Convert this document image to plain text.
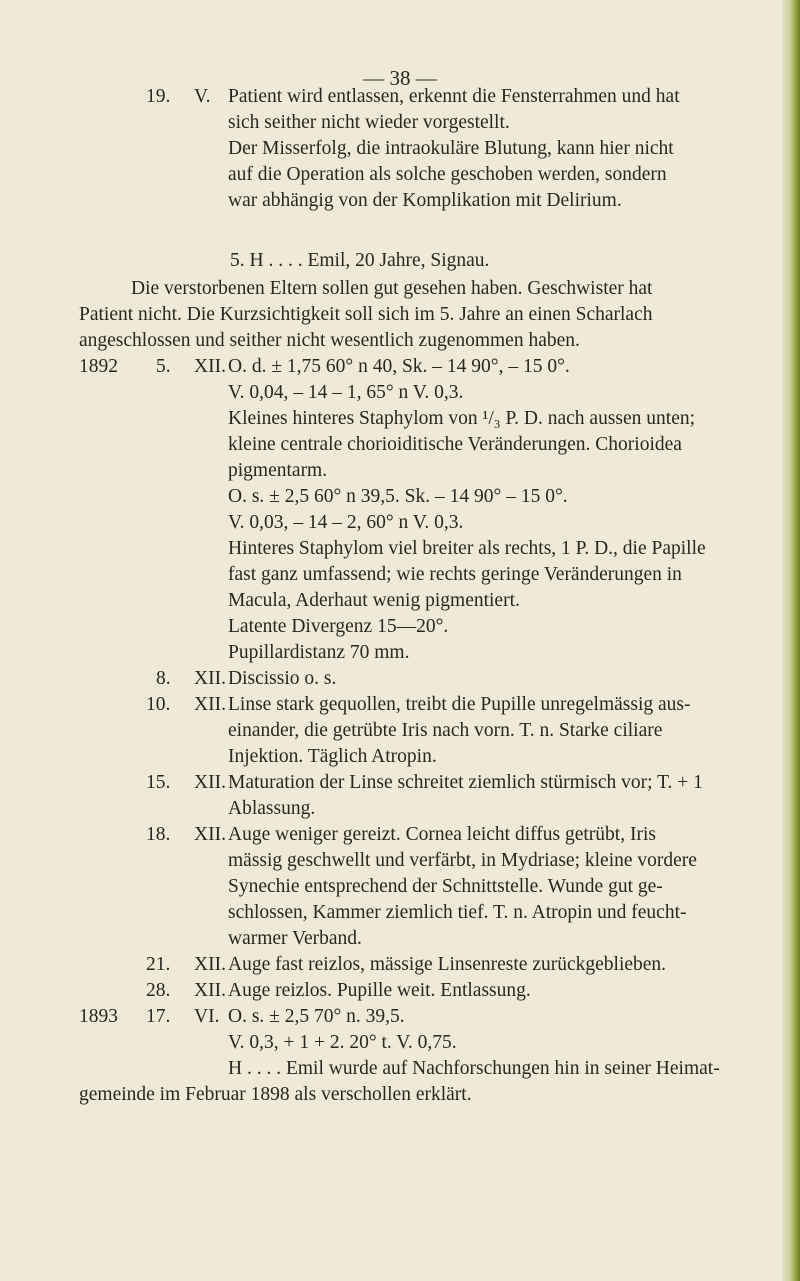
— 38 —
19. V. Patient wird entlassen, erkennt die Fensterrahmen und hat
sich seither nicht wieder vorgestellt.
Der Misserfolg, die intraokuläre Blutung, kann hier nicht
auf die Operation als solche geschoben werden, sondern
war abhängig von der Komplikation mit Delirium.
5. H . . . . Emil, 20 Jahre, Signau.
Die verstorbenen Eltern sollen gut gesehen haben. Geschwister hat
Patient nicht. Die Kurzsichtigkeit soll sich im 5. Jahre an einen Scharlach
angeschlossen und seither nicht wesentlich zugenommen haben.
1892 5. XII. O. d. ± 1,75 60° n 40, Sk. – 14 90°, – 15 0°.
V. 0,04, – 14 – 1, 65° n V. 0,3.
Kleines hinteres Staphylom von ¹/₃ P. D. nach aussen unten;
kleine centrale chorioiditische Veränderungen. Chorioidea
pigmentarm.
O. s. ± 2,5 60° n 39,5. Sk. – 14 90° – 15 0°.
V. 0,03, – 14 – 2, 60° n V. 0,3.
Hinteres Staphylom viel breiter als rechts, 1 P. D., die Papille
fast ganz umfassend; wie rechts geringe Veränderungen in
Macula, Aderhaut wenig pigmentiert.
Latente Divergenz 15—20°.
Pupillardistanz 70 mm.
8. XII. Discissio o. s.
10. XII. Linse stark gequollen, treibt die Pupille unregelmässig aus-
einander, die getrübte Iris nach vorn. T. n. Starke ciliare
Injektion. Täglich Atropin.
15. XII. Maturation der Linse schreitet ziemlich stürmisch vor; T. + 1
Ablassung.
18. XII. Auge weniger gereizt. Cornea leicht diffus getrübt, Iris
mässig geschwellt und verfärbt, in Mydriase; kleine vordere
Synechie entsprechend der Schnittstelle. Wunde gut ge-
schlossen, Kammer ziemlich tief. T. n. Atropin und feucht-
warmer Verband.
21. XII. Auge fast reizlos, mässige Linsenreste zurückgeblieben.
28. XII. Auge reizlos. Pupille weit. Entlassung.
1893 17. VI. O. s. ± 2,5 70° n. 39,5.
V. 0,3, + 1 + 2. 20° t. V. 0,75.
H . . . . Emil wurde auf Nachforschungen hin in seiner Heimat-
gemeinde im Februar 1898 als verschollen erklärt.
